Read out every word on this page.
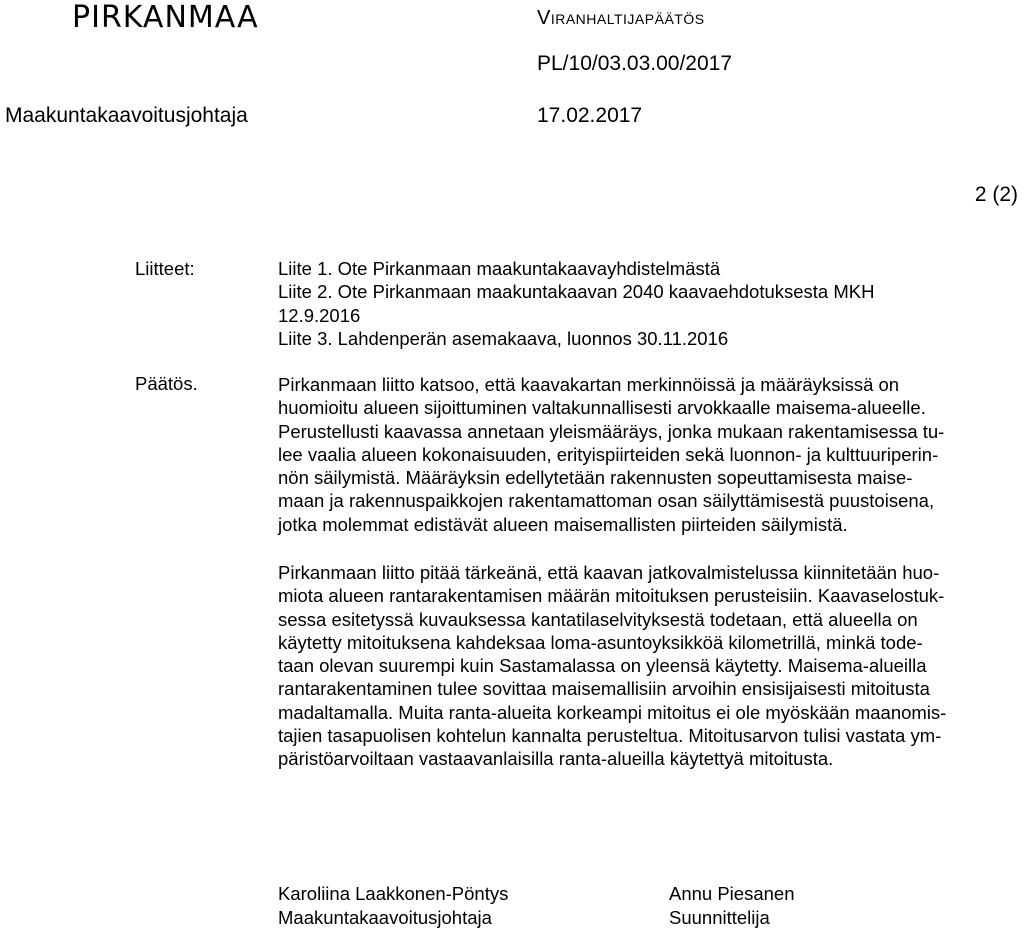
PIRKANMAA	Viranhaltijapäätös
PL/10/03.03.00/2017
Maakuntakaavoitusjohtaja	17.02.2017
2 (2)
Liitteet:	Liite 1. Ote Pirkanmaan maakuntakaavayhdistelmästä
Liite 2. Ote Pirkanmaan maakuntakaavan 2040 kaavaehdotuksesta MKH
12.9.2016
Liite 3. Lahdenperän asemakaava, luonnos 30.11.2016
Päätös.	Pirkanmaan liitto katsoo, että kaavakartan merkinnöissä ja määräyksissä on
huomioitu alueen sijoittuminen valtakunnallisesti arvokkaalle maisema-alueelle.
Perustellusti kaavassa annetaan yleismääräys, jonka mukaan rakentamisessa tu-
lee vaalia alueen kokonaisuuden, erityispiirteiden sekä luonnon- ja kulttuuriperin-
nön säilymistä. Määräyksin edellytetään rakennusten sopeuttamisesta maise-
maan ja rakennuspaikkojen rakentamattoman osan säilyttämisestä puustoisena,
jotka molemmat edistävät alueen maisemallisten piirteiden säilymistä.
Pirkanmaan liitto pitää tärkeänä, että kaavan jatkovalmistelussa kiinnitetään huo-
miota alueen rantarakentamisen määrän mitoituksen perusteisiin. Kaavaselostuk-
sessa esitetyssä kuvauksessa kantatilaselvityksestä todetaan, että alueella on
käytetty mitoituksena kahdeksaa loma-asuntoyksikköä kilometrillä, minkä tode-
taan olevan suurempi kuin Sastamalassa on yleensä käytetty. Maisema-alueilla
rantarakentaminen tulee sovittaa maisemallisiin arvoihin ensisijaisesti mitoitusta
madaltamalla. Muita ranta-alueita korkeampi mitoitus ei ole myöskään maanomis-
tajien tasapuolisen kohtelun kannalta perusteltua. Mitoitusarvon tulisi vastata ym-
päristöarvoiltaan vastaavanlaisilla ranta-alueilla käytettyä mitoitusta.
Karoliina Laakkonen-Pöntys
Maakuntakaavoitusjohtaja
Annu Piesanen
Suunnittelija
